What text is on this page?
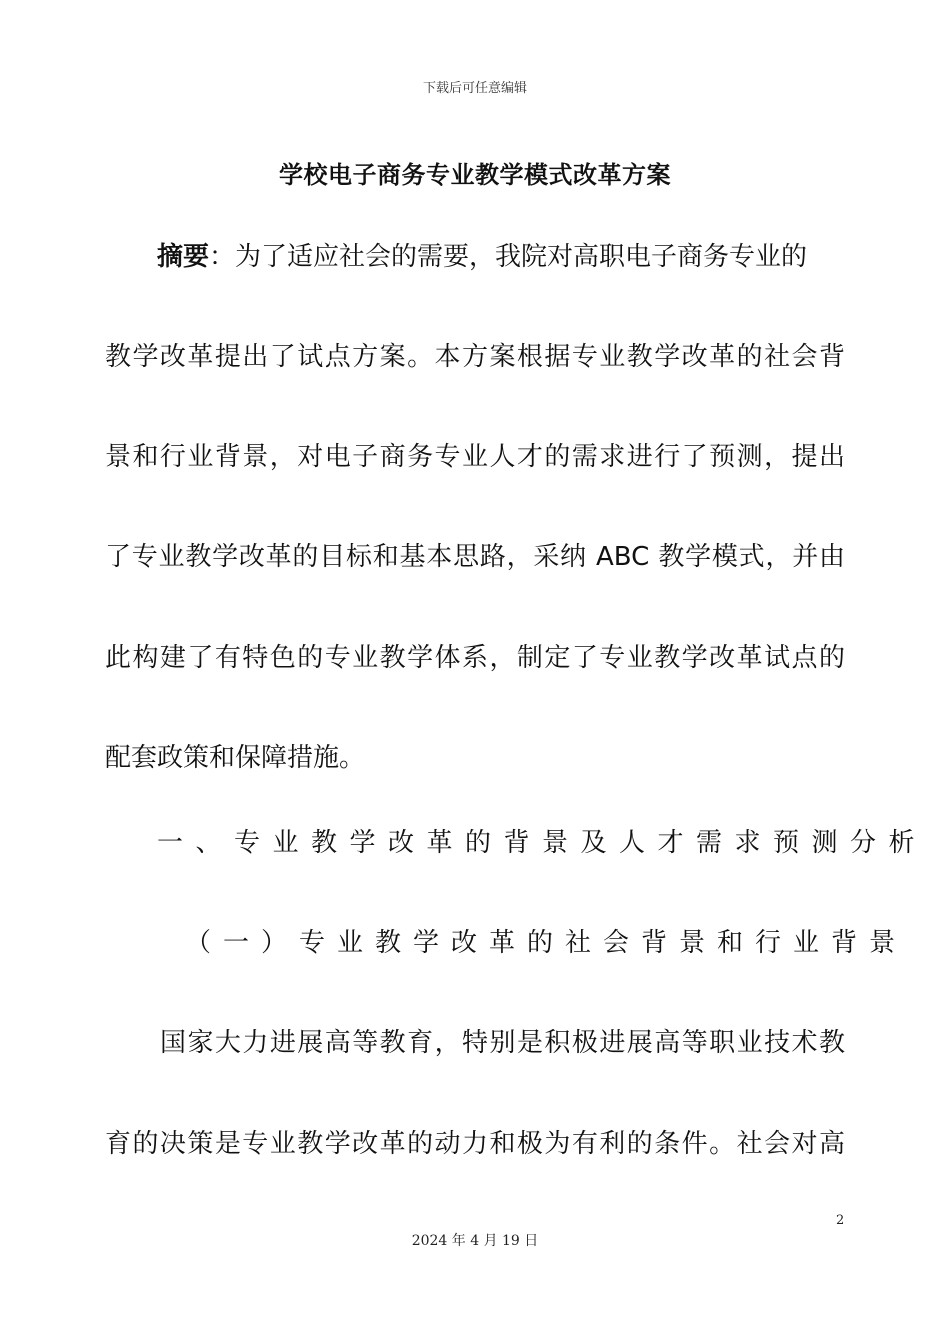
下载后可任意编辑
学校电子商务专业教学模式改革方案
摘要：为了适应社会的需要，我院对高职电子商务专业的
教学改革提出了试点方案。本方案根据专业教学改革的社会背
景和行业背景，对电子商务专业人才的需求进行了预测，提出
了专业教学改革的目标和基本思路，采纳 ABC 教学模式，并由
此构建了有特色的专业教学体系，制定了专业教学改革试点的
配套政策和保障措施。
一、专业教学改革的背景及人才需求预测分析
（一）专业教学改革的社会背景和行业背景
国家大力进展高等教育，特别是积极进展高等职业技术教
育的决策是专业教学改革的动力和极为有利的条件。社会对高
2
2024 年 4 月 19 日
